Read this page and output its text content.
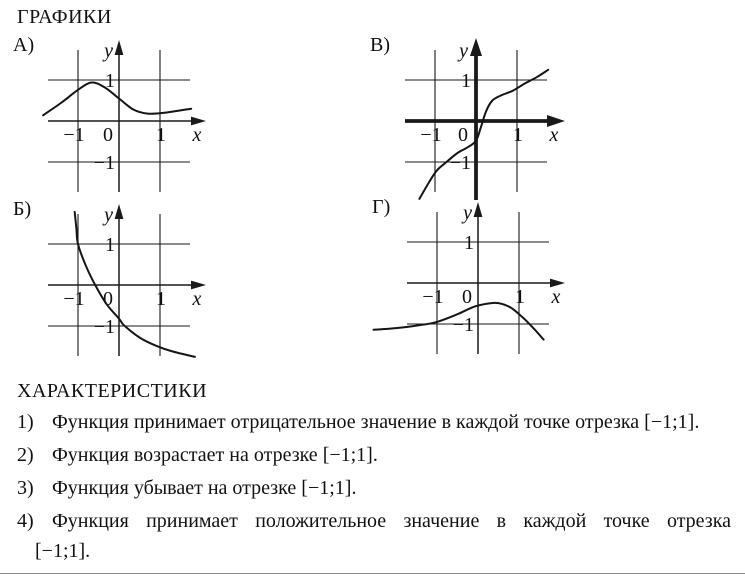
ГРАФИКИ
А)	y
x
1
−1
−1 0 1
Б)	y
x
1
−1
−1 0 1
В)	y
x
1
−1
−1 0 1
Г)	y
x
1
−1
−1 0 1
ХАРАКТЕРИСТИКИ
1) Функция принимает отрицательное значение в каждой точке отрезка [−1;1].
2) Функция возрастает на отрезке [−1;1].
3) Функция убывает на отрезке [−1;1].
4) Функция принимает положительное значение в каждой точке отрезка
[−1;1].
